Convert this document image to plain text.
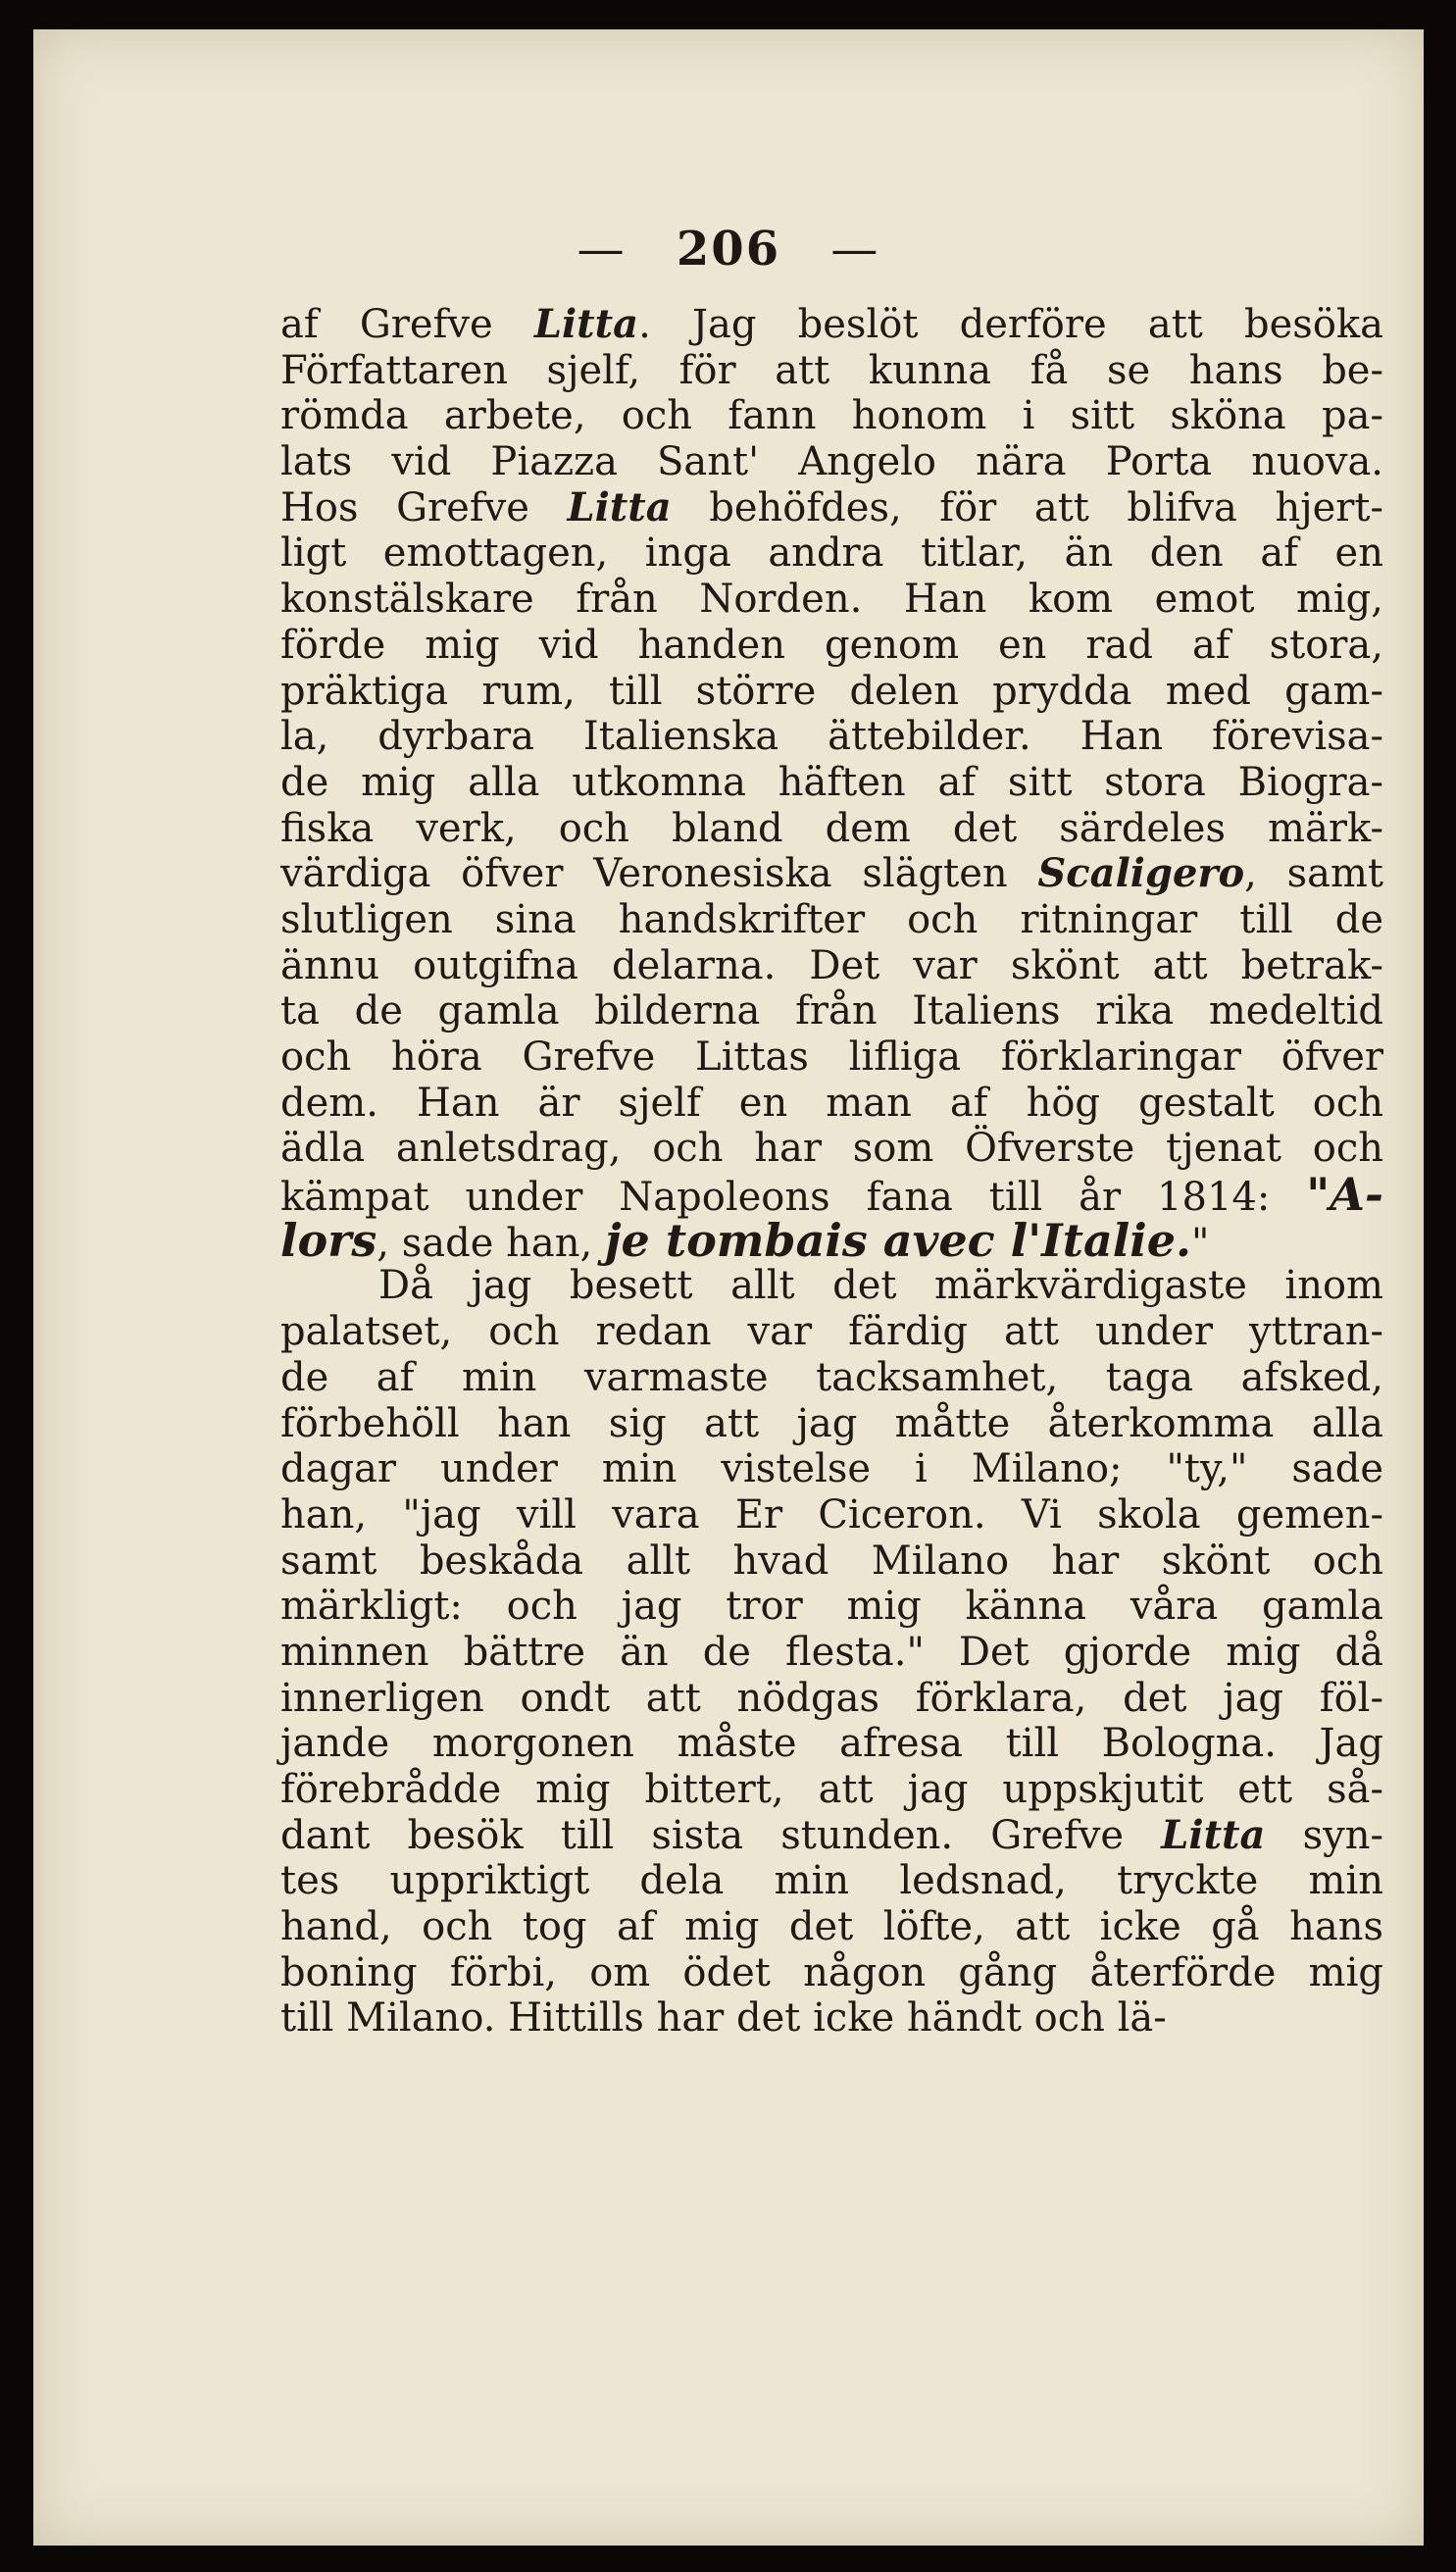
— 206 —
af Grefve Litta. Jag beslöt derföre att besöka
Författaren sjelf, för att kunna få se hans be-
römda arbete, och fann honom i sitt sköna pa-
lats vid Piazza Sant' Angelo nära Porta nuova.
Hos Grefve Litta behöfdes, för att blifva hjert-
ligt emottagen, inga andra titlar, än den af en
konstälskare från Norden. Han kom emot mig,
förde mig vid handen genom en rad af stora,
präktiga rum, till större delen prydda med gam-
la, dyrbara Italienska ättebilder. Han förevisa-
de mig alla utkomna häften af sitt stora Biogra-
fiska verk, och bland dem det särdeles märk-
värdiga öfver Veronesiska slägten Scaligero, samt
slutligen sina handskrifter och ritningar till de
ännu outgifna delarna. Det var skönt att betrak-
ta de gamla bilderna från Italiens rika medeltid
och höra Grefve Littas lifliga förklaringar öfver
dem. Han är sjelf en man af hög gestalt och
ädla anletsdrag, och har som Öfverste tjenat och
kämpat under Napoleons fana till år 1814: "A-
lors, sade han, je tombais avec l'Italie."
Då jag besett allt det märkvärdigaste inom
palatset, och redan var färdig att under yttran-
de af min varmaste tacksamhet, taga afsked,
förbehöll han sig att jag måtte återkomma alla
dagar under min vistelse i Milano; "ty," sade
han, "jag vill vara Er Ciceron. Vi skola gemen-
samt beskåda allt hvad Milano har skönt och
märkligt: och jag tror mig känna våra gamla
minnen bättre än de flesta." Det gjorde mig då
innerligen ondt att nödgas förklara, det jag föl-
jande morgonen måste afresa till Bologna. Jag
förebrådde mig bittert, att jag uppskjutit ett så-
dant besök till sista stunden. Grefve Litta syn-
tes uppriktigt dela min ledsnad, tryckte min
hand, och tog af mig det löfte, att icke gå hans
boning förbi, om ödet någon gång återförde mig
till Milano. Hittills har det icke händt och lä-
